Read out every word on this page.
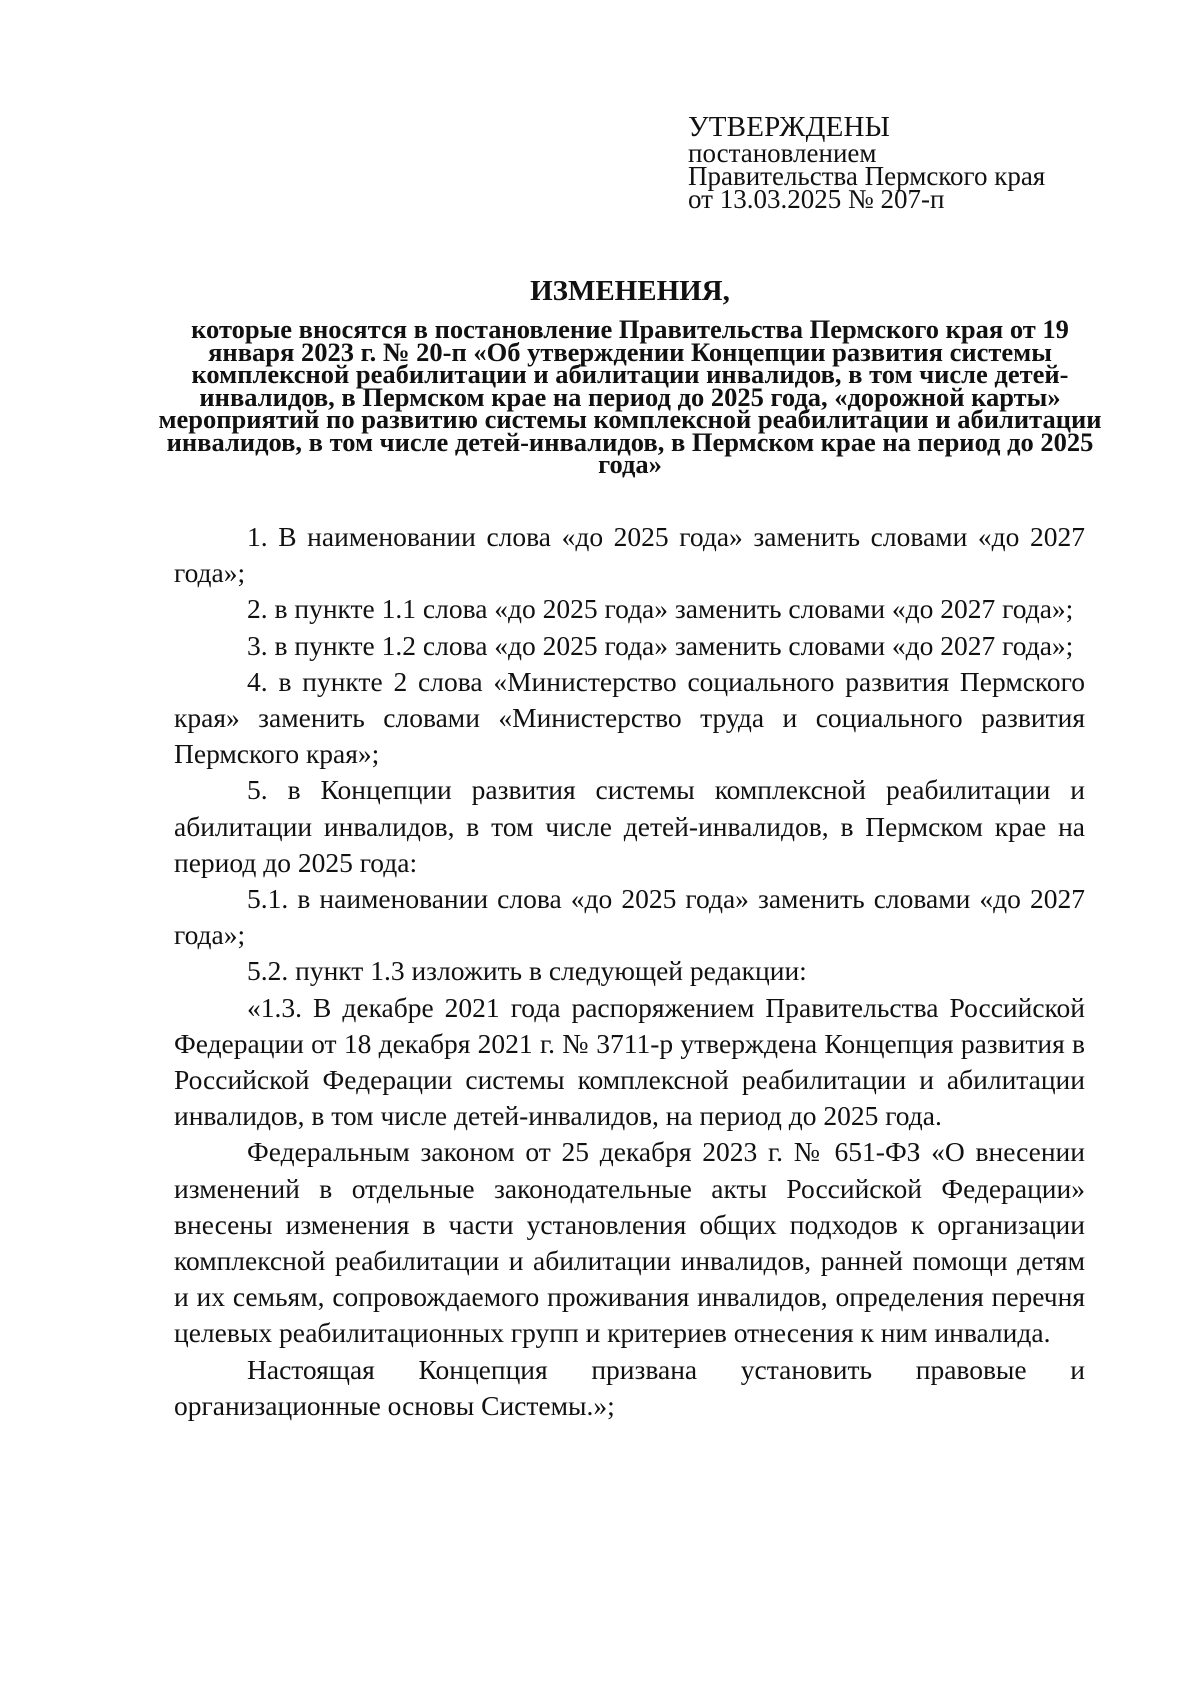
УТВЕРЖДЕНЫ
постановлением
Правительства Пермского края
от 13.03.2025 № 207-п
ИЗМЕНЕНИЯ,
которые вносятся в постановление Правительства Пермского края от 19 января 2023 г. № 20-п «Об утверждении Концепции развития системы комплексной реабилитации и абилитации инвалидов, в том числе детей-инвалидов, в Пермском крае на период до 2025 года, «дорожной карты» мероприятий по развитию системы комплексной реабилитации и абилитации инвалидов, в том числе детей-инвалидов, в Пермском крае на период до 2025 года»

1. В наименовании слова «до 2025 года» заменить словами «до 2027 года»;

2. в пункте 1.1 слова «до 2025 года» заменить словами «до 2027 года»;

3. в пункте 1.2 слова «до 2025 года» заменить словами «до 2027 года»;

4. в пункте 2 слова «Министерство социального развития Пермского края» заменить словами «Министерство труда и социального развития Пермского края»;

5. в Концепции развития системы комплексной реабилитации и абилитации инвалидов, в том числе детей-инвалидов, в Пермском крае на период до 2025 года:

5.1. в наименовании слова «до 2025 года» заменить словами «до 2027 года»;

5.2. пункт 1.3 изложить в следующей редакции:

«1.3. В декабре 2021 года распоряжением Правительства Российской Федерации от 18 декабря 2021 г. № 3711-р утверждена Концепция развития в Российской Федерации системы комплексной реабилитации и абилитации инвалидов, в том числе детей-инвалидов, на период до 2025 года.

Федеральным законом от 25 декабря 2023 г. № 651-ФЗ «О внесении изменений в отдельные законодательные акты Российской Федерации» внесены изменения в части установления общих подходов к организации комплексной реабилитации и абилитации инвалидов, ранней помощи детям и их семьям, сопровождаемого проживания инвалидов, определения перечня целевых реабилитационных групп и критериев отнесения к ним инвалида.

Настоящая Концепция призвана установить правовые и организационные основы Системы.»;
